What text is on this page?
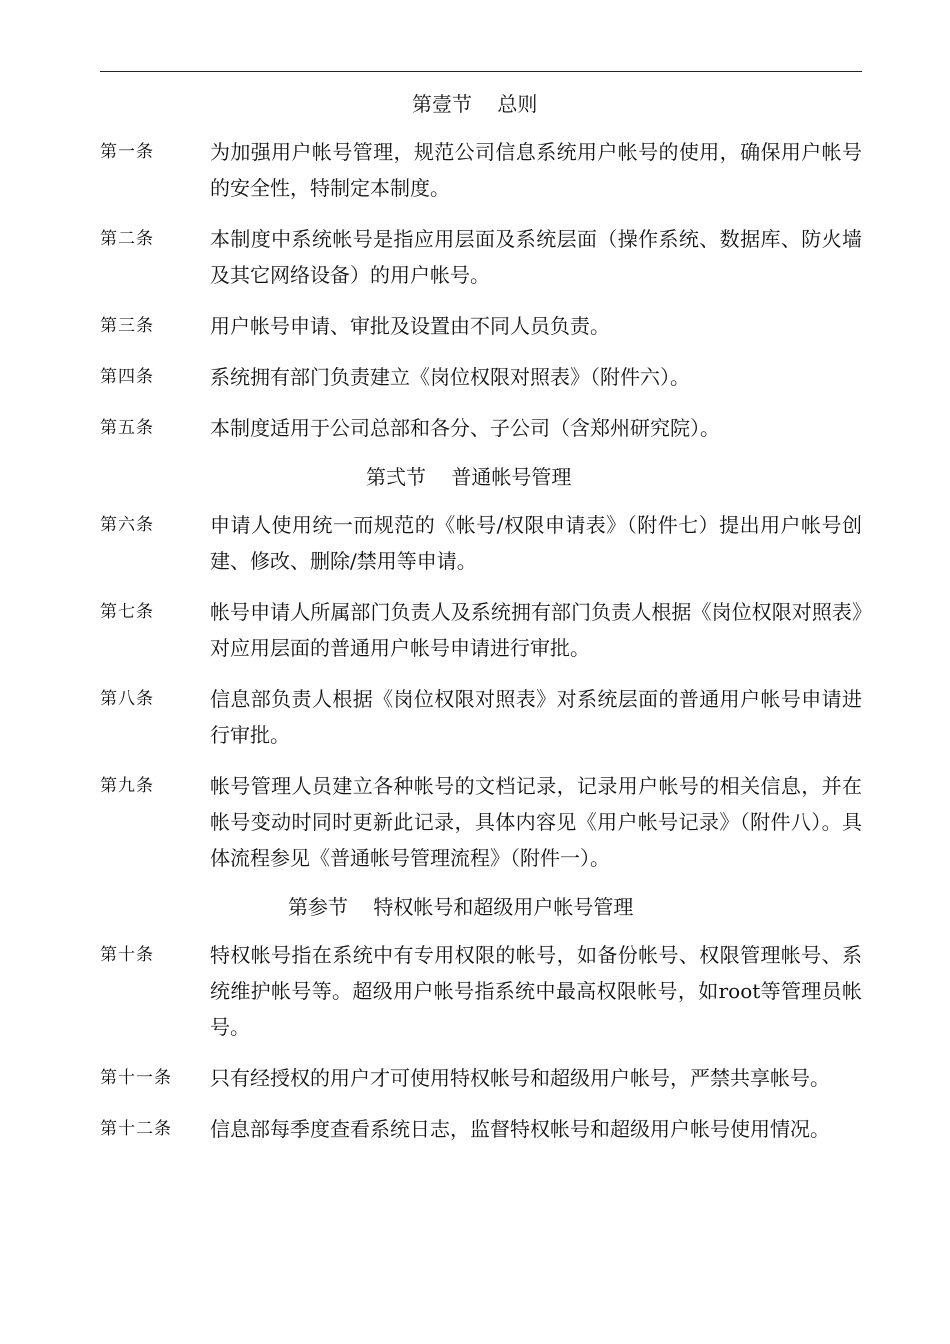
第壹节    总则
第一条	为加强用户帐号管理，规范公司信息系统用户帐号的使用，确保用户帐号的安全性，特制定本制度。
第二条	本制度中系统帐号是指应用层面及系统层面（操作系统、数据库、防火墙及其它网络设备）的用户帐号。
第三条	用户帐号申请、审批及设置由不同人员负责。
第四条	系统拥有部门负责建立《岗位权限对照表》（附件六）。
第五条	本制度适用于公司总部和各分、子公司（含郑州研究院）。
第弍节    普通帐号管理
第六条	申请人使用统一而规范的《帐号/权限申请表》（附件七）提出用户帐号创建、修改、删除/禁用等申请。
第七条	帐号申请人所属部门负责人及系统拥有部门负责人根据《岗位权限对照表》对应用层面的普通用户帐号申请进行审批。
第八条	信息部负责人根据《岗位权限对照表》对系统层面的普通用户帐号申请进行审批。
第九条	帐号管理人员建立各种帐号的文档记录，记录用户帐号的相关信息，并在帐号变动时同时更新此记录，具体内容见《用户帐号记录》（附件八）。具体流程参见《普通帐号管理流程》（附件一）。
第参节    特权帐号和超级用户帐号管理
第十条	特权帐号指在系统中有专用权限的帐号，如备份帐号、权限管理帐号、系统维护帐号等。超级用户帐号指系统中最高权限帐号，如root等管理员帐号。
第十一条	只有经授权的用户才可使用特权帐号和超级用户帐号，严禁共享帐号。
第十二条	信息部每季度查看系统日志，监督特权帐号和超级用户帐号使用情况。
